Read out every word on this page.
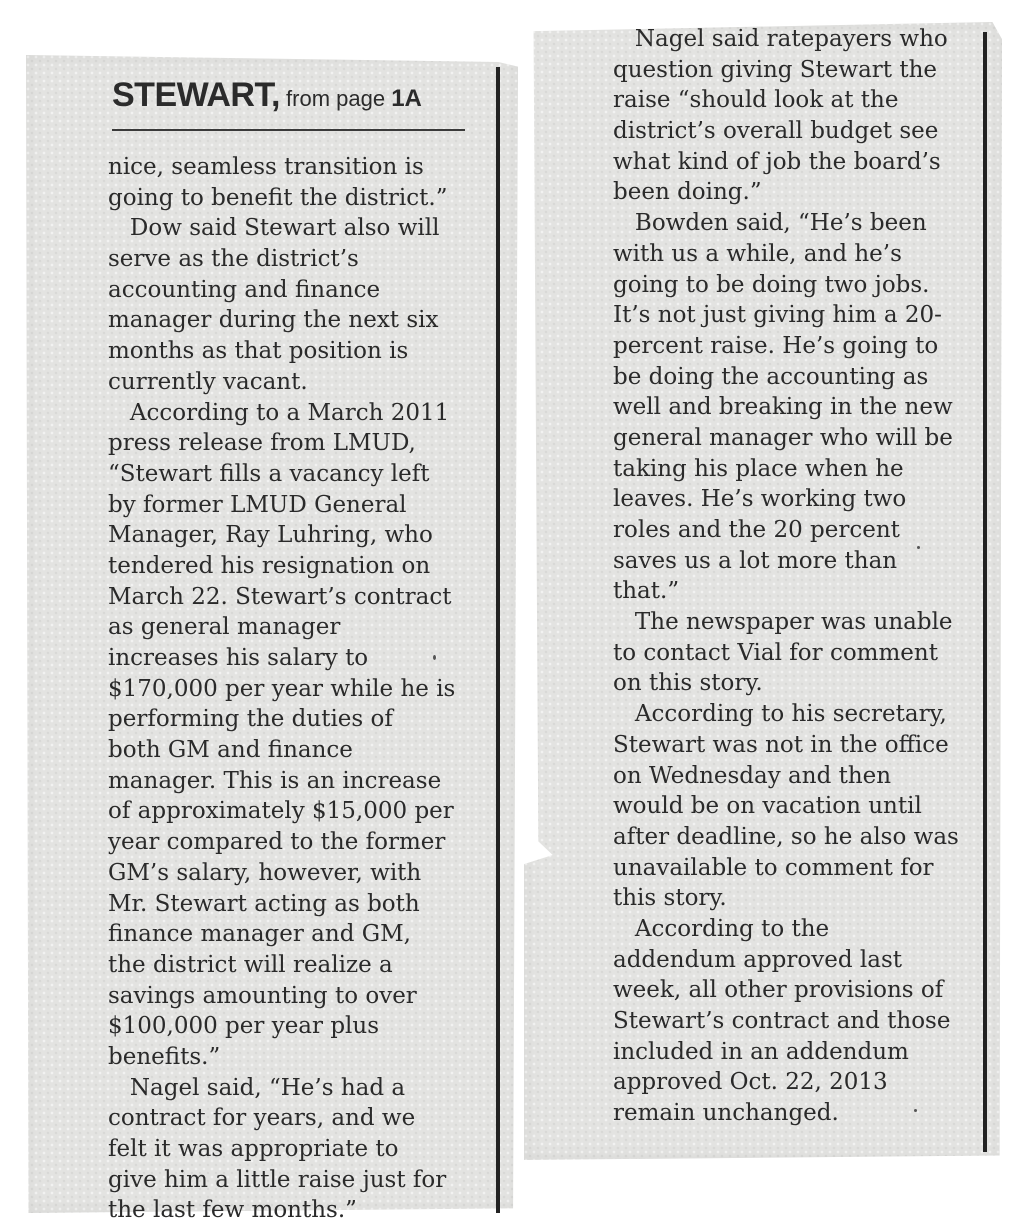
STEWART, from page 1A
nice, seamless transition is
going to benefit the district.”
Dow said Stewart also will
serve as the district’s
accounting and finance
manager during the next six
months as that position is
currently vacant.
According to a March 2011
press release from LMUD,
“Stewart fills a vacancy left
by former LMUD General
Manager, Ray Luhring, who
tendered his resignation on
March 22. Stewart’s contract
as general manager
increases his salary to
$170,000 per year while he is
performing the duties of
both GM and finance
manager. This is an increase
of approximately $15,000 per
year compared to the former
GM’s salary, however, with
Mr. Stewart acting as both
finance manager and GM,
the district will realize a
savings amounting to over
$100,000 per year plus
benefits.”
Nagel said, “He’s had a
contract for years, and we
felt it was appropriate to
give him a little raise just for
the last few months.”
Nagel said ratepayers who
question giving Stewart the
raise “should look at the
district’s overall budget see
what kind of job the board’s
been doing.”
Bowden said, “He’s been
with us a while, and he’s
going to be doing two jobs.
It’s not just giving him a 20-
percent raise. He’s going to
be doing the accounting as
well and breaking in the new
general manager who will be
taking his place when he
leaves. He’s working two
roles and the 20 percent
saves us a lot more than
that.”
The newspaper was unable
to contact Vial for comment
on this story.
According to his secretary,
Stewart was not in the office
on Wednesday and then
would be on vacation until
after deadline, so he also was
unavailable to comment for
this story.
According to the
addendum approved last
week, all other provisions of
Stewart’s contract and those
included in an addendum
approved Oct. 22, 2013
remain unchanged.
